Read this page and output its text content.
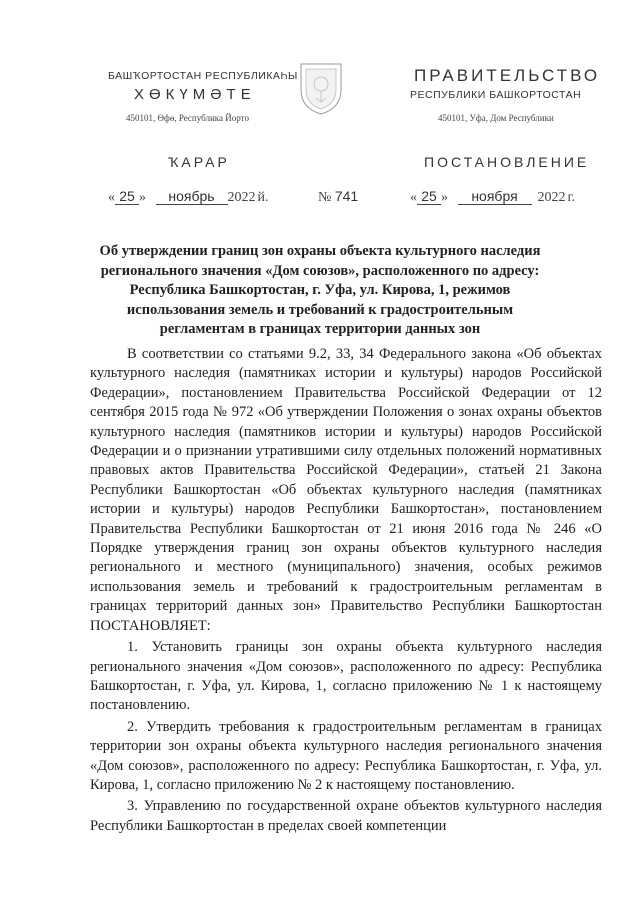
БАШҠОРТОСТАН РЕСПУБЛИКАҺЫ
ХӨКҮМӘТЕ
450101, Өфө, Республика Йорто
ПРАВИТЕЛЬСТВО
РЕСПУБЛИКИ БАШКОРТОСТАН
450101, Уфа, Дом Республики
ҠАРАР	ПОСТАНОВЛЕНИЕ
« 25 » ноябрь 2022 й.	№ 741	« 25 » ноября 2022 г.
Об утверждении границ зон охраны объекта культурного наследия
регионального значения «Дом союзов», расположенного по адресу:
Республика Башкортостан, г. Уфа, ул. Кирова, 1, режимов
использования земель и требований к градостроительным
регламентам в границах территории данных зон

В соответствии со статьями 9.2, 33, 34 Федерального закона «Об объектах культурного наследия (памятниках истории и культуры) народов Российской Федерации», постановлением Правительства Российской Федерации от 12 сентября 2015 года № 972 «Об утверждении Положения о зонах охраны объектов культурного наследия (памятников истории и культуры) народов Российской Федерации и о признании утратившими силу отдельных положений нормативных правовых актов Правительства Российской Федерации», статьей 21 Закона Республики Башкортостан «Об объектах культурного наследия (памятниках истории и культуры) народов Республики Башкортостан», постановлением Правительства Республики Башкортостан от 21 июня 2016 года № 246 «О Порядке утверждения границ зон охраны объектов культурного наследия регионального и местного (муниципального) значения, особых режимов использования земель и требований к градостроительным регламентам в границах территорий данных зон» Правительство Республики Башкортостан ПОСТАНОВЛЯЕТ:

1. Установить границы зон охраны объекта культурного наследия регионального значения «Дом союзов», расположенного по адресу: Республика Башкортостан, г. Уфа, ул. Кирова, 1, согласно приложению № 1 к настоящему постановлению.

2. Утвердить требования к градостроительным регламентам в границах территории зон охраны объекта культурного наследия регионального значения «Дом союзов», расположенного по адресу: Республика Башкортостан, г. Уфа, ул. Кирова, 1, согласно приложению № 2 к настоящему постановлению.

3. Управлению по государственной охране объектов культурного наследия Республики Башкортостан в пределах своей компетенции
